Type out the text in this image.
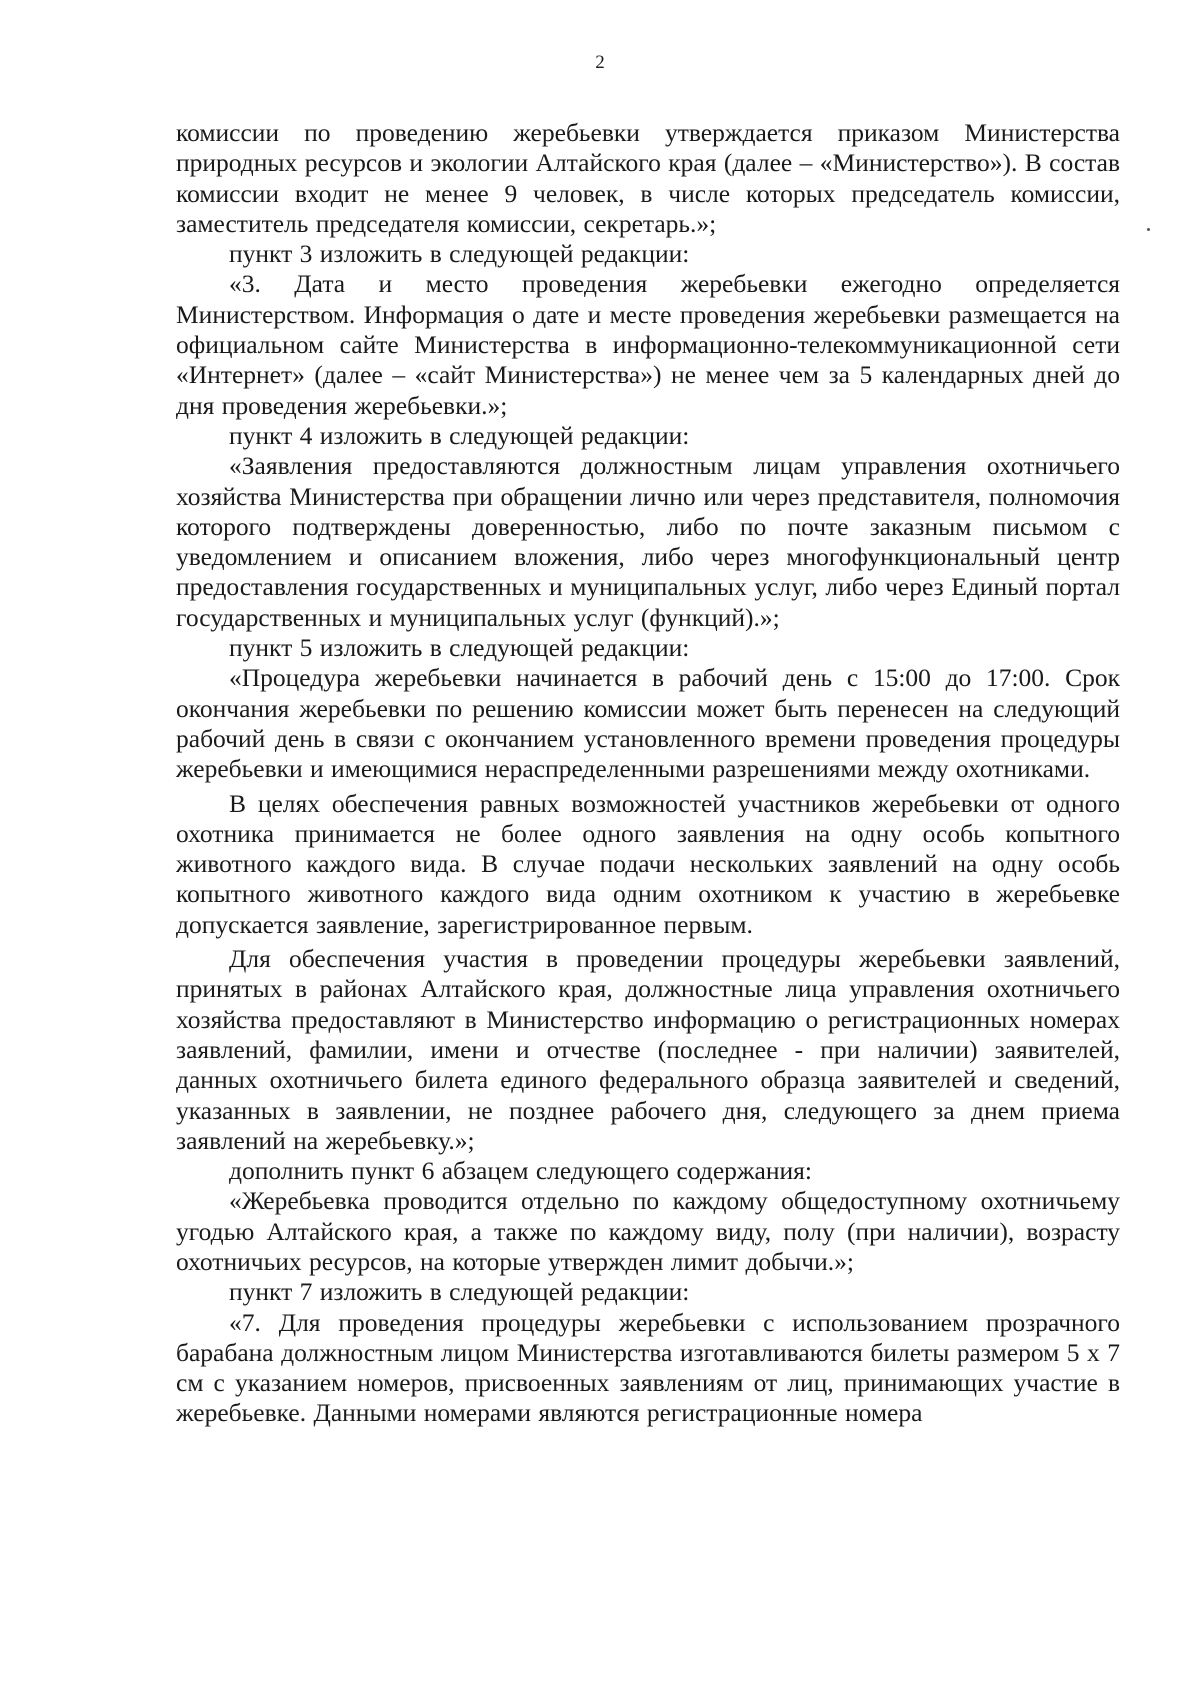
2

комиссии по проведению жеребьевки утверждается приказом Министерства природных ресурсов и экологии Алтайского края (далее – «Министерство»). В состав комиссии входит не менее 9 человек, в числе которых председатель комиссии, заместитель председателя комиссии, секретарь.»;

пункт 3 изложить в следующей редакции:

«3. Дата и место проведения жеребьевки ежегодно определяется Министерством. Информация о дате и месте проведения жеребьевки размещается на официальном сайте Министерства в информационно-телекоммуникационной сети «Интернет» (далее – «сайт Министерства») не менее чем за 5 календарных дней до дня проведения жеребьевки.»;

пункт 4 изложить в следующей редакции:

«Заявления предоставляются должностным лицам управления охотничьего хозяйства Министерства при обращении лично или через представителя, полномочия которого подтверждены доверенностью, либо по почте заказным письмом с уведомлением и описанием вложения, либо через многофункциональный центр предоставления государственных и муниципальных услуг, либо через Единый портал государственных и муниципальных услуг (функций).»;

пункт 5 изложить в следующей редакции:

«Процедура жеребьевки начинается в рабочий день с 15:00 до 17:00. Срок окончания жеребьевки по решению комиссии может быть перенесен на следующий рабочий день в связи с окончанием установленного времени проведения процедуры жеребьевки и имеющимися нераспределенными разрешениями между охотниками.

В целях обеспечения равных возможностей участников жеребьевки от одного охотника принимается не более одного заявления на одну особь копытного животного каждого вида. В случае подачи нескольких заявлений на одну особь копытного животного каждого вида одним охотником к участию в жеребьевке допускается заявление, зарегистрированное первым.

Для обеспечения участия в проведении процедуры жеребьевки заявлений, принятых в районах Алтайского края, должностные лица управления охотничьего хозяйства предоставляют в Министерство информацию о регистрационных номерах заявлений, фамилии, имени и отчестве (последнее - при наличии) заявителей, данных охотничьего билета единого федерального образца заявителей и сведений, указанных в заявлении, не позднее рабочего дня, следующего за днем приема заявлений на жеребьевку.»;

дополнить пункт 6 абзацем следующего содержания:

«Жеребьевка проводится отдельно по каждому общедоступному охотничьему угодью Алтайского края, а также по каждому виду, полу (при наличии), возрасту охотничьих ресурсов, на которые утвержден лимит добычи.»;

пункт 7 изложить в следующей редакции:

«7. Для проведения процедуры жеребьевки с использованием прозрачного барабана должностным лицом Министерства изготавливаются билеты размером 5 х 7 см с указанием номеров, присвоенных заявлениям от лиц, принимающих участие в жеребьевке. Данными номерами являются регистрационные номера
